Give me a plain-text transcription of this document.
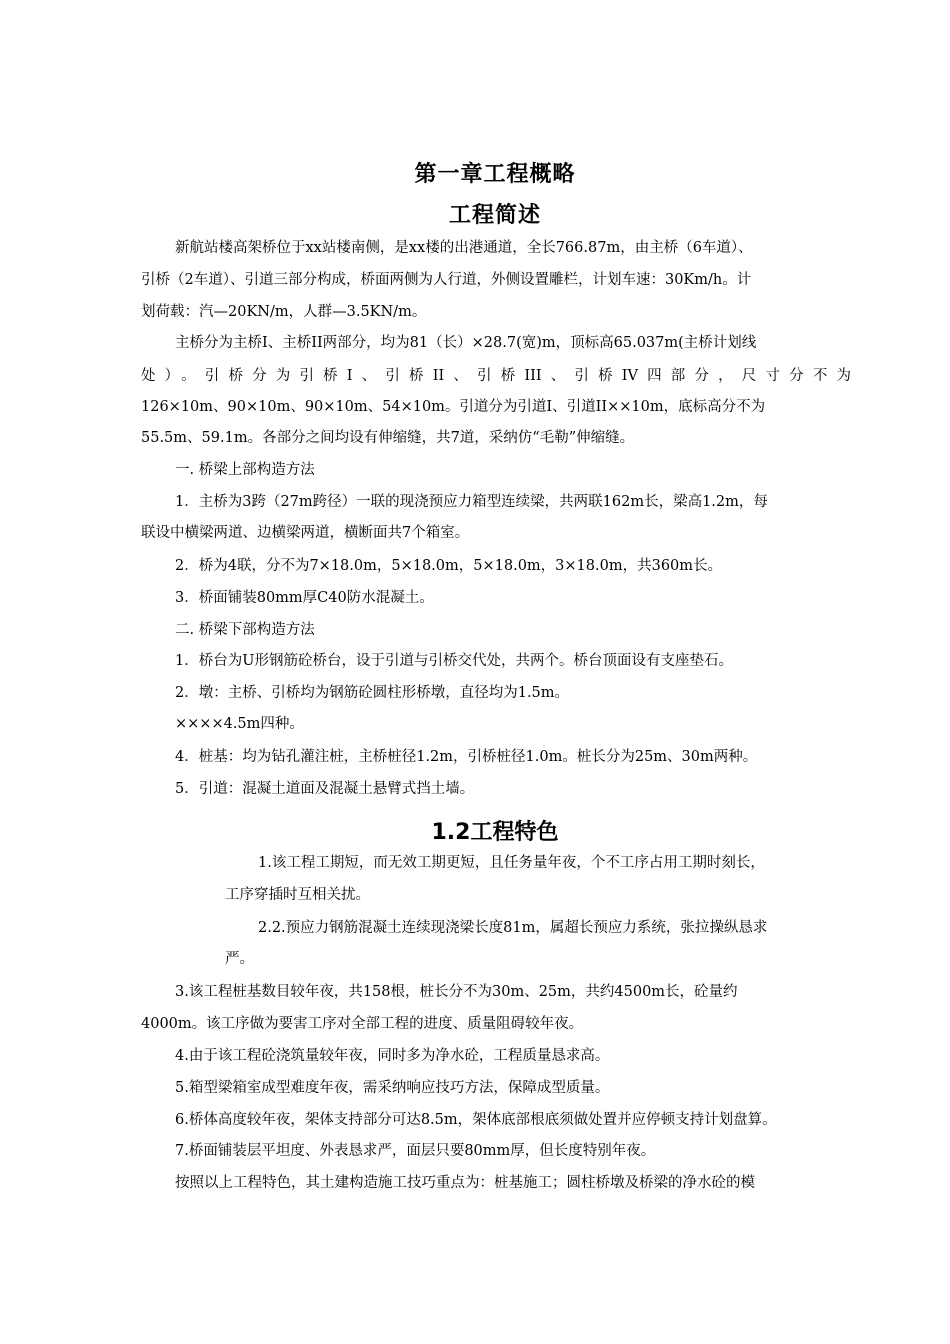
第一章工程概略
工程简述
新航站楼高架桥位于xx站楼南侧，是xx楼的出港通道，全长766.87m，由主桥（6车道）、
引桥（2车道）、引道三部分构成，桥面两侧为人行道，外侧设置雕栏，计划车速：30Km/h。计
划荷载：汽—20KN/m，人群—3.5KN/m。
主桥分为主桥I、主桥II两部分，均为81（长）×28.7(宽)m，顶标高65.037m(主桥计划线
处）。引桥分为引桥I、引桥II、引桥III、引桥IV四部分，尺寸分不为
126×10m、90×10m、90×10m、54×10m。引道分为引道I、引道II××10m，底标高分不为
55.5m、59.1m。各部分之间均设有伸缩缝，共7道，采纳仿“毛勒”伸缩缝。
一. 桥梁上部构造方法
1．主桥为3跨（27m跨径）一联的现浇预应力箱型连续梁，共两联162m长，梁高1.2m，每
联设中横梁两道、边横梁两道，横断面共7个箱室。
2．桥为4联，分不为7×18.0m，5×18.0m，5×18.0m，3×18.0m，共360m长。
3．桥面铺装80mm厚C40防水混凝土。
二. 桥梁下部构造方法
1．桥台为U形钢筋砼桥台，设于引道与引桥交代处，共两个。桥台顶面设有支座垫石。
2．墩：主桥、引桥均为钢筋砼圆柱形桥墩，直径均为1.5m。
××××4.5m四种。
4．桩基：均为钻孔灌注桩，主桥桩径1.2m，引桥桩径1.0m。桩长分为25m、30m两种。
5．引道：混凝土道面及混凝土悬臂式挡土墙。
1.2工程特色
1.该工程工期短，而无效工期更短，且任务量年夜，个不工序占用工期时刻长，
工序穿插时互相关扰。
2.2.预应力钢筋混凝土连续现浇梁长度81m，属超长预应力系统，张拉操纵恳求
严。
3.该工程桩基数目较年夜，共158根，桩长分不为30m、25m，共约4500m长，砼量约
4000m。该工序做为要害工序对全部工程的进度、质量阻碍较年夜。
4.由于该工程砼浇筑量较年夜，同时多为净水砼，工程质量恳求高。
5.箱型梁箱室成型难度年夜，需采纳响应技巧方法，保障成型质量。
6.桥体高度较年夜，架体支持部分可达8.5m，架体底部根底须做处置并应停顿支持计划盘算。
7.桥面铺装层平坦度、外表恳求严，面层只要80mm厚，但长度特别年夜。
按照以上工程特色，其土建构造施工技巧重点为：桩基施工；圆柱桥墩及桥梁的净水砼的模
